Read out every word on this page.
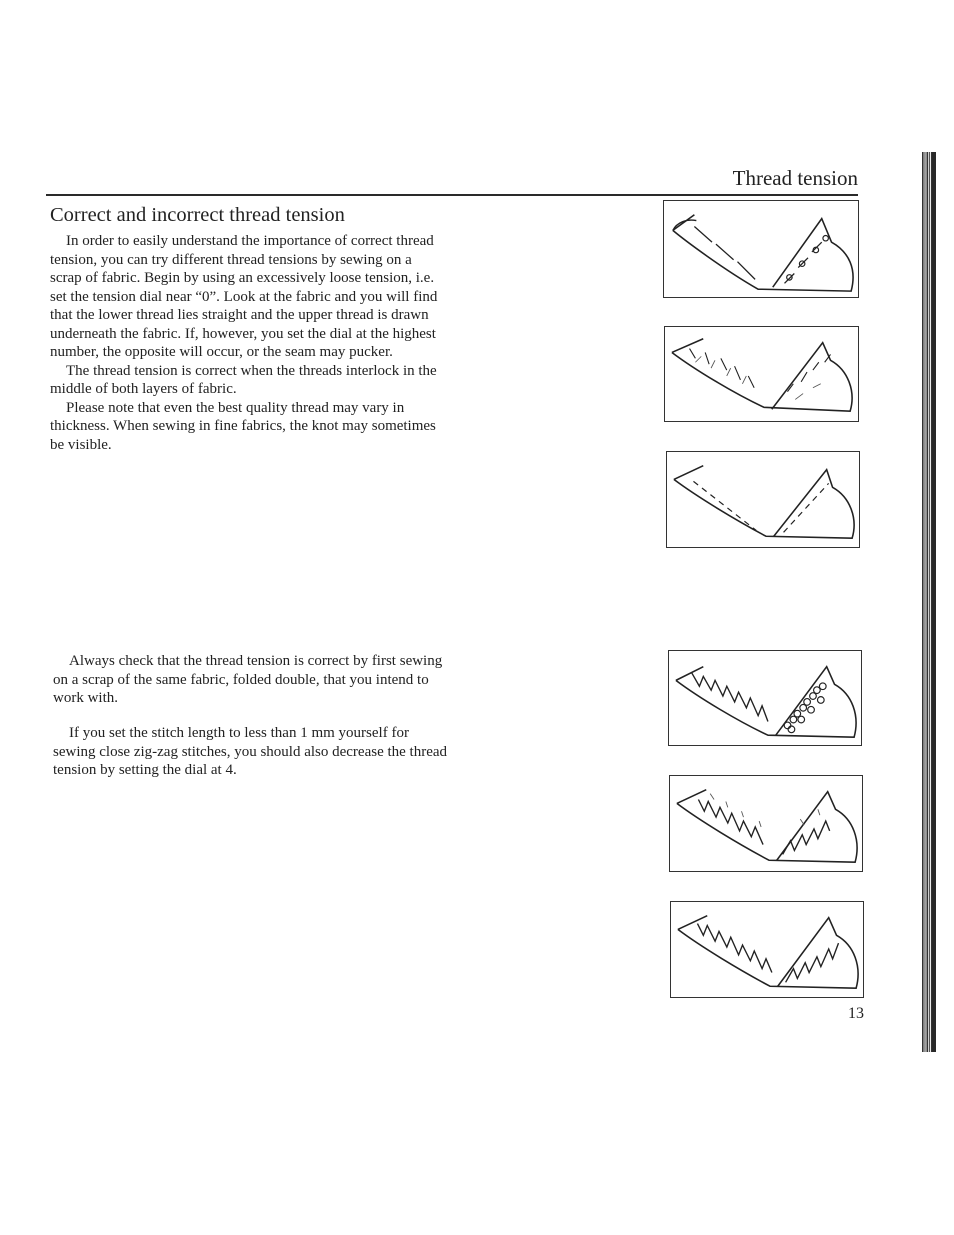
Thread tension
Correct and incorrect thread tension

In order to easily understand the importance of correct thread tension, you can try different thread tensions by sewing on a scrap of fabric. Begin by using an excessively loose tension, i.e. set the tension dial near “0”. Look at the fabric and you will find that the lower thread lies straight and the upper thread is drawn underneath the fabric. If, however, you set the dial at the highest number, the opposite will occur, or the seam may pucker.

The thread tension is correct when the threads interlock in the middle of both layers of fabric.

Please note that even the best quality thread may vary in thickness. When sewing in fine fabrics, the knot may sometimes be visible.

Always check that the thread tension is correct by first sewing on a scrap of the same fabric, folded double, that you intend to work with.

If you set the stitch length to less than 1 mm yourself for sewing close zig-zag stitches, you should also decrease the thread tension by setting the dial at 4.

13
